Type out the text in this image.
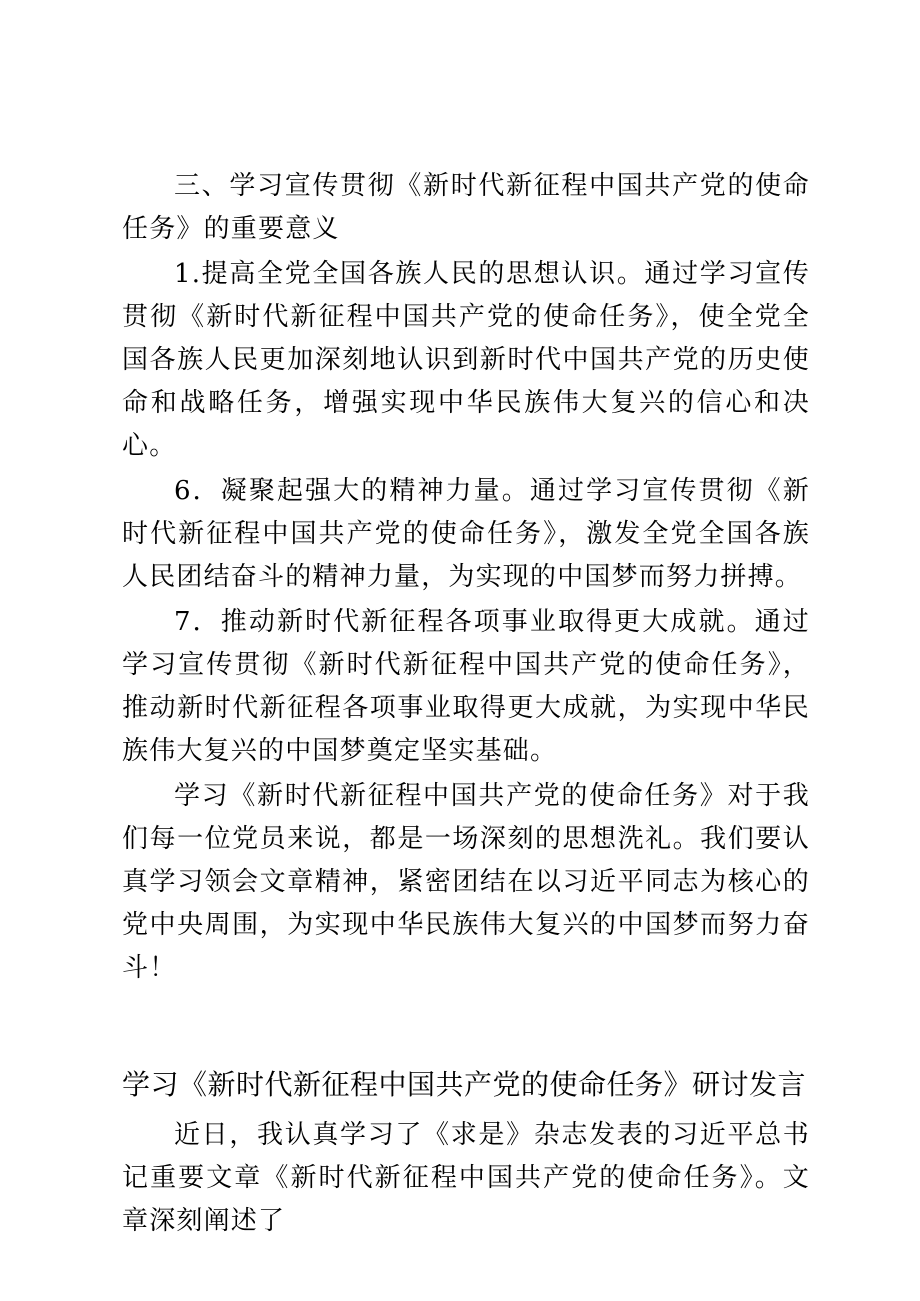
三、学习宣传贯彻《新时代新征程中国共产党的使命任务》的重要意义

1.提高全党全国各族人民的思想认识。通过学习宣传贯彻《新时代新征程中国共产党的使命任务》，使全党全国各族人民更加深刻地认识到新时代中国共产党的历史使命和战略任务，增强实现中华民族伟大复兴的信心和决心。

6．凝聚起强大的精神力量。通过学习宣传贯彻《新时代新征程中国共产党的使命任务》，激发全党全国各族人民团结奋斗的精神力量，为实现的中国梦而努力拼搏。

7．推动新时代新征程各项事业取得更大成就。通过学习宣传贯彻《新时代新征程中国共产党的使命任务》，推动新时代新征程各项事业取得更大成就，为实现中华民族伟大复兴的中国梦奠定坚实基础。

学习《新时代新征程中国共产党的使命任务》对于我们每一位党员来说，都是一场深刻的思想洗礼。我们要认真学习领会文章精神，紧密团结在以习近平同志为核心的党中央周围，为实现中华民族伟大复兴的中国梦而努力奋斗！

学习《新时代新征程中国共产党的使命任务》研讨发言

近日，我认真学习了《求是》杂志发表的习近平总书记重要文章《新时代新征程中国共产党的使命任务》。文章深刻阐述了
